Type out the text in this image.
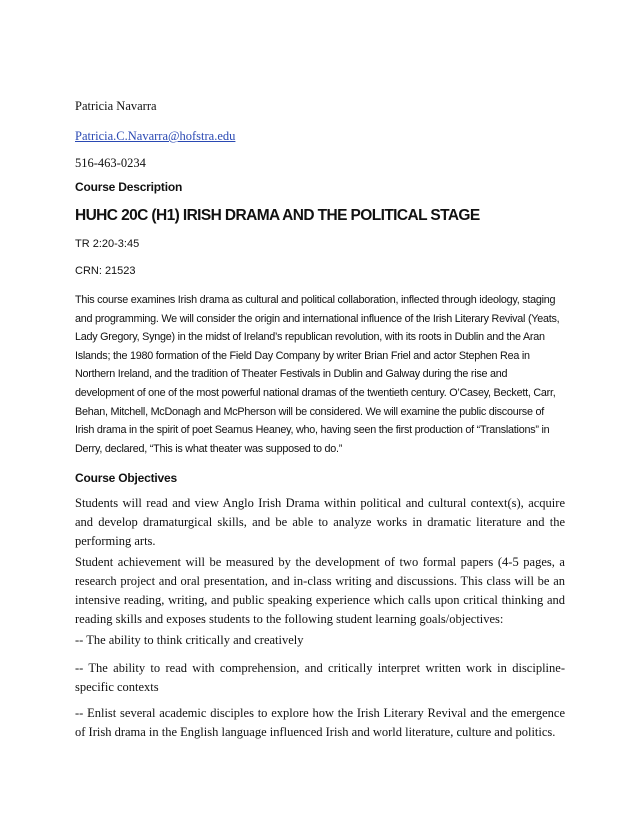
Patricia Navarra

Patricia.C.Navarra@hofstra.edu

516-463-0234

Course Description

HUHC 20C (H1) IRISH DRAMA AND THE POLITICAL STAGE

TR 2:20-3:45

CRN: 21523

This course examines Irish drama as cultural and political collaboration, inflected through ideology, staging and programming. We will consider the origin and international influence of the Irish Literary Revival (Yeats, Lady Gregory, Synge) in the midst of Ireland’s republican revolution, with its roots in Dublin and the Aran Islands; the 1980 formation of the Field Day Company by writer Brian Friel and actor Stephen Rea in Northern Ireland, and the tradition of Theater Festivals in Dublin and Galway during the rise and development of one of the most powerful national dramas of the twentieth century. O’Casey, Beckett, Carr, Behan, Mitchell, McDonagh and McPherson will be considered. We will examine the public discourse of Irish drama in the spirit of poet Seamus Heaney, who, having seen the first production of “Translations” in Derry, declared, “This is what theater was supposed to do.”

Course Objectives

Students will read and view Anglo Irish Drama within political and cultural context(s), acquire and develop dramaturgical skills, and be able to analyze works in dramatic literature and the performing arts.

Student achievement will be measured by the development of two formal papers (4-5 pages, a research project and oral presentation, and in-class writing and discussions. This class will be an intensive reading, writing, and public speaking experience which calls upon critical thinking and reading skills and exposes students to the following student learning goals/objectives:

-- The ability to think critically and creatively

-- The ability to read with comprehension, and critically interpret written work in discipline-specific contexts

-- Enlist several academic disciples to explore how the Irish Literary Revival and the emergence of Irish drama in the English language influenced Irish and world literature, culture and politics.
